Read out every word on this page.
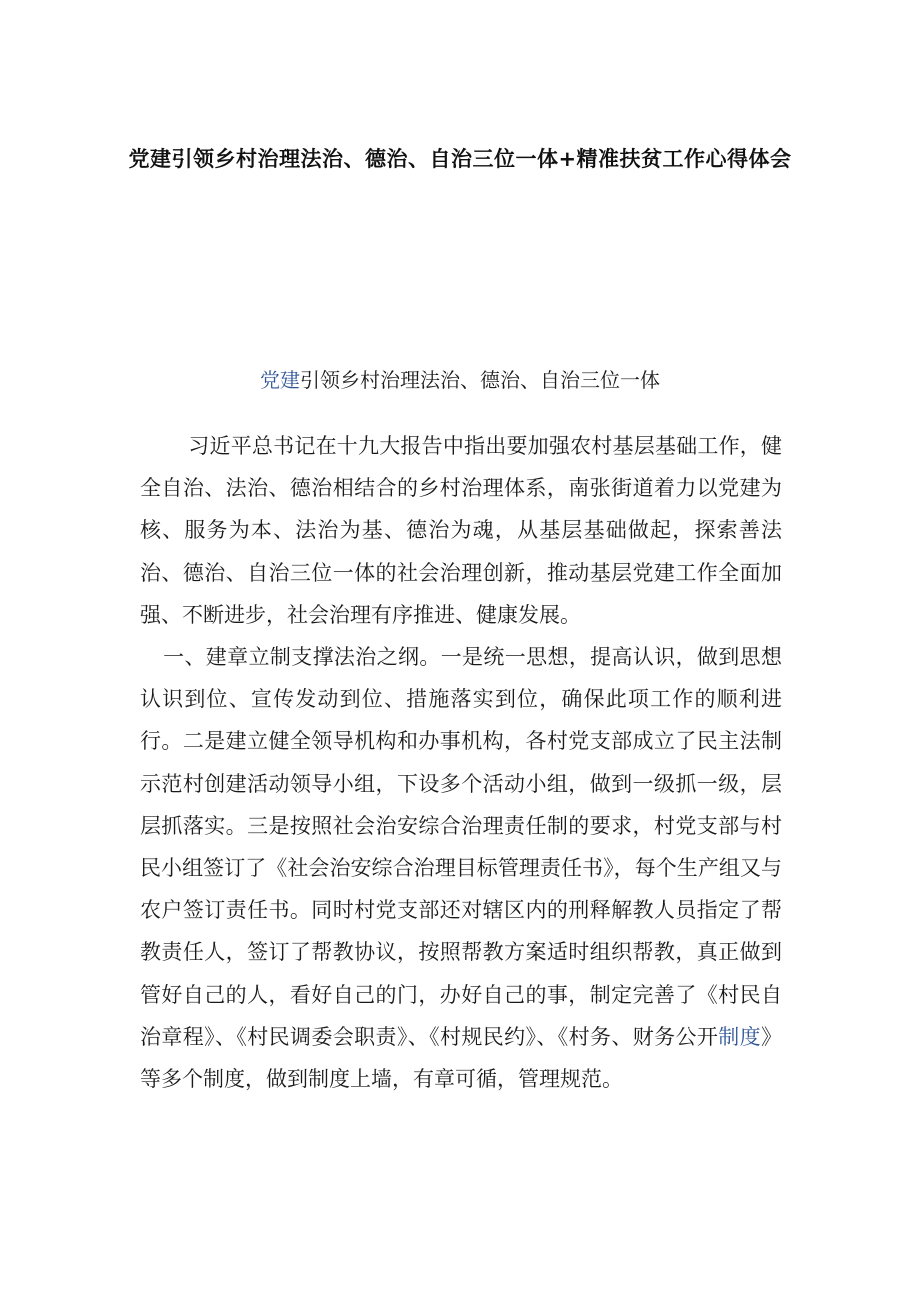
党建引领乡村治理法治、德治、自治三位一体+精准扶贫工作心得体会
党建引领乡村治理法治、德治、自治三位一体

习近平总书记在十九大报告中指出要加强农村基层基础工作，健全自治、法治、德治相结合的乡村治理体系，南张街道着力以党建为核、服务为本、法治为基、德治为魂，从基层基础做起，探索善法治、德治、自治三位一体的社会治理创新，推动基层党建工作全面加强、不断进步，社会治理有序推进、健康发展。

一、建章立制支撑法治之纲。一是统一思想，提高认识，做到思想认识到位、宣传发动到位、措施落实到位，确保此项工作的顺利进行。二是建立健全领导机构和办事机构，各村党支部成立了民主法制示范村创建活动领导小组，下设多个活动小组，做到一级抓一级，层层抓落实。三是按照社会治安综合治理责任制的要求，村党支部与村民小组签订了《社会治安综合治理目标管理责任书》，每个生产组又与农户签订责任书。同时村党支部还对辖区内的刑释解教人员指定了帮教责任人，签订了帮教协议，按照帮教方案适时组织帮教，真正做到管好自己的人，看好自己的门，办好自己的事，制定完善了《村民自治章程》、《村民调委会职责》、《村规民约》、《村务、财务公开制度》等多个制度，做到制度上墙，有章可循，管理规范。
